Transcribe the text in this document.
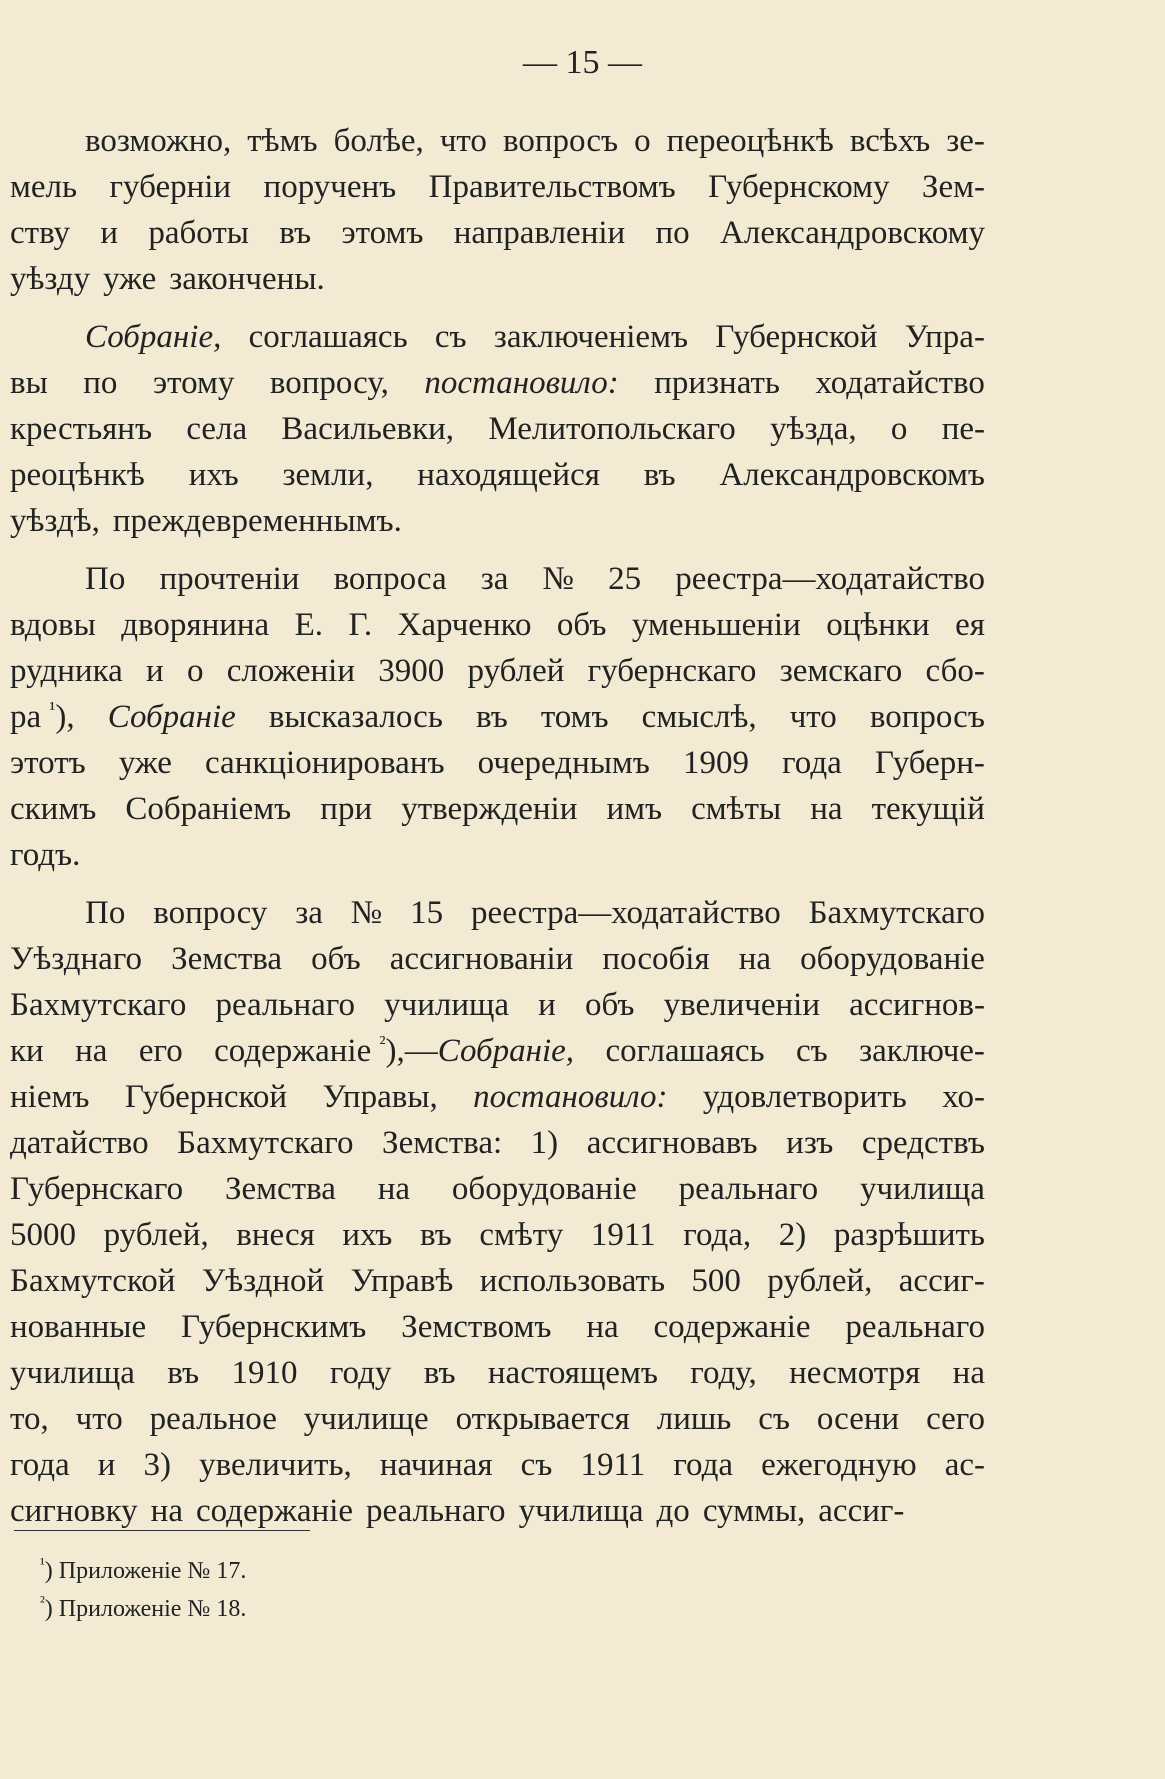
— 15 —
возможно, тѣмъ болѣе, что вопросъ о переоцѣнкѣ всѣхъ зе-
мель губерніи порученъ Правительствомъ Губернскому Зем-
ству и работы въ этомъ направленіи по Александровскому
уѣзду уже закончены.
Собраніе, соглашаясь съ заключеніемъ Губернской Упра-
вы по этому вопросу, постановило: признать ходатайство
крестьянъ села Васильевки, Мелитопольскаго уѣзда, о пе-
реоцѣнкѣ ихъ земли, находящейся въ Александровскомъ
уѣздѣ, преждевременнымъ.
По прочтеніи вопроса за № 25 реестра—ходатайство
вдовы дворянина Е. Г. Харченко объ уменьшеніи оцѣнки ея
рудника и о сложеніи 3900 рублей губернскаго земскаго сбо-
ра $^{^1}$), Собраніе высказалось въ томъ смыслѣ, что вопросъ
этотъ уже санкціонированъ очереднымъ 1909 года Губерн-
скимъ Собраніемъ при утвержденіи имъ смѣты на текущій
годъ.
По вопросу за № 15 реестра—ходатайство Бахмутскаго
Уѣзднаго Земства объ ассигнованіи пособія на оборудованіе
Бахмутскаго реальнаго училища и объ увеличеніи ассигнов-
ки на его содержаніе $^{^2}$),—Собраніе, соглашаясь съ заключе-
ніемъ Губернской Управы, постановило: удовлетворить хо-
датайство Бахмутскаго Земства: 1) ассигновавъ изъ средствъ
Губернскаго Земства на оборудованіе реальнаго училища
5000 рублей, внеся ихъ въ смѣту 1911 года, 2) разрѣшить
Бахмутской Уѣздной Управѣ использовать 500 рублей, ассиг-
нованные Губернскимъ Земствомъ на содержаніе реальнаго
училища въ 1910 году въ настоящемъ году, несмотря на
то, что реальное училище открывается лишь съ осени сего
года и 3) увеличить, начиная съ 1911 года ежегодную ас-
сигновку на содержаніе реальнаго училища до суммы, ассиг-
$^{^1}$) Приложеніе № 17.
$^{^2}$) Приложеніе № 18.
